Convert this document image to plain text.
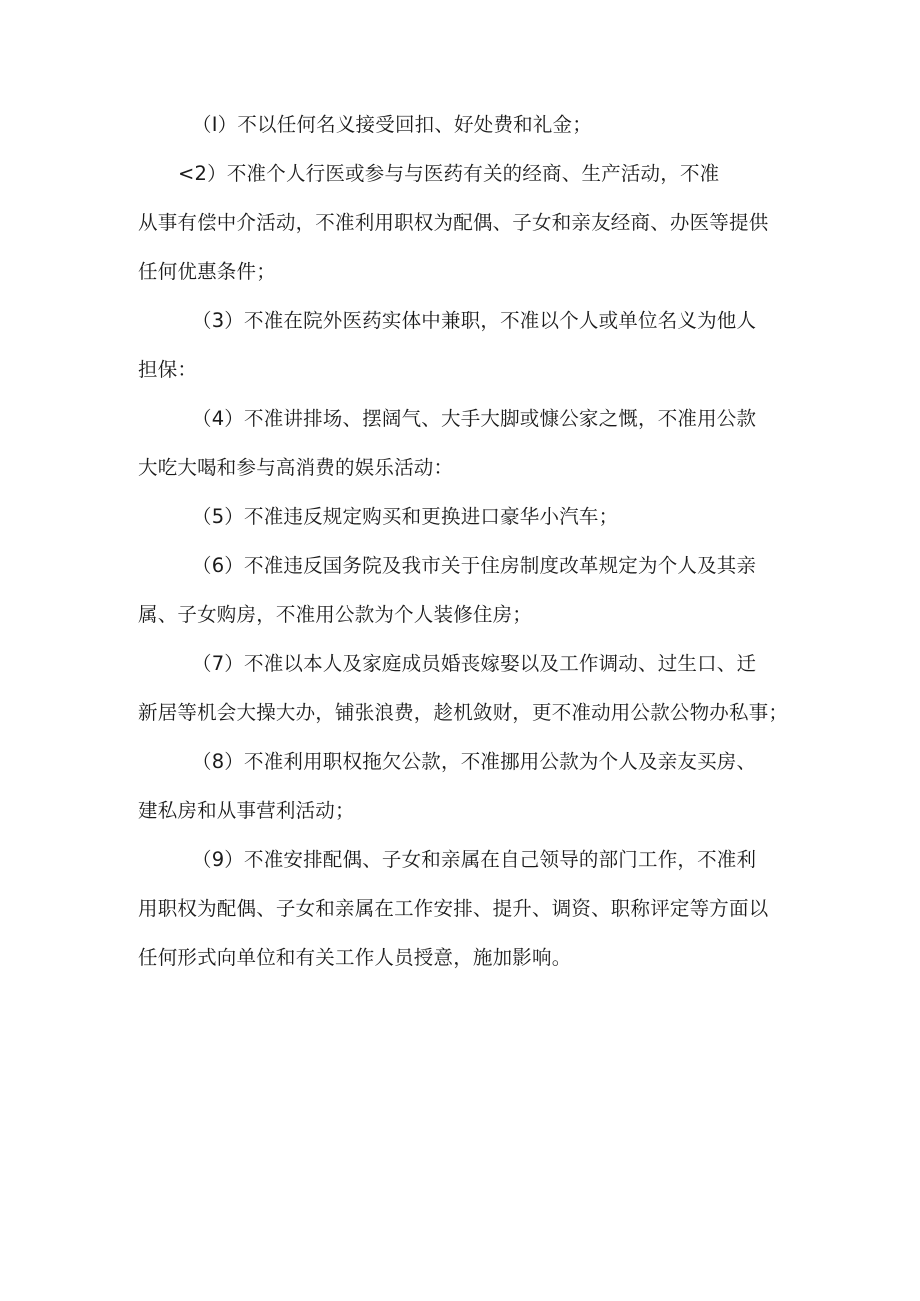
（I）不以任何名义接受回扣、好处费和礼金；

<2）不准个人行医或参与与医药有关的经商、生产活动，不准
从事有偿中介活动，不准利用职权为配偶、子女和亲友经商、办医等提供
任何优惠条件；

（3）不准在院外医药实体中兼职，不准以个人或单位名义为他人
担保：

（4）不准讲排场、摆阔气、大手大脚或慷公家之慨，不准用公款
大吃大喝和参与高消费的娱乐活动：

（5）不准违反规定购买和更换进口豪华小汽车；

（6）不准违反国务院及我市关于住房制度改革规定为个人及其亲
属、子女购房，不准用公款为个人装修住房；

（7）不准以本人及家庭成员婚丧嫁娶以及工作调动、过生口、迁
新居等机会大操大办，铺张浪费，趁机敛财，更不准动用公款公物办私事；

（8）不准利用职权拖欠公款，不准挪用公款为个人及亲友买房、
建私房和从事营利活动；

（9）不准安排配偶、子女和亲属在自己领导的部门工作，不准利
用职权为配偶、子女和亲属在工作安排、提升、调资、职称评定等方面以
任何形式向单位和有关工作人员授意，施加影响。
